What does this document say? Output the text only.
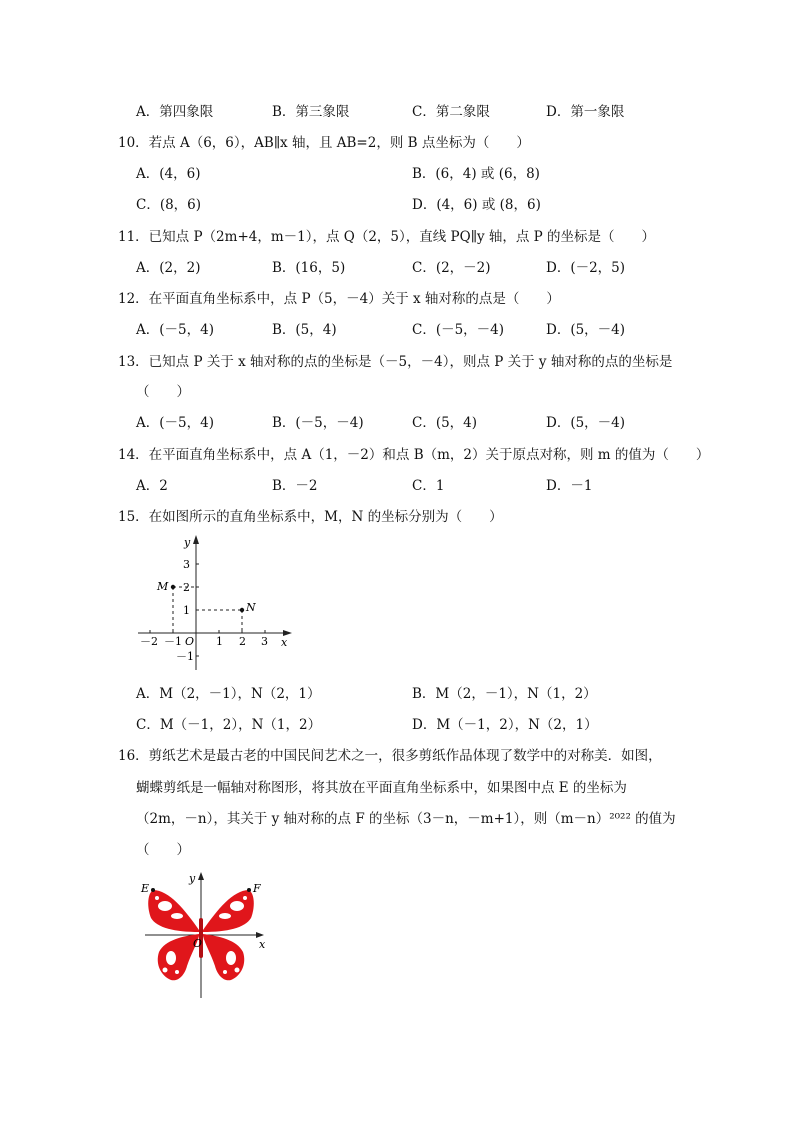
A．第四象限	B．第三象限	C．第二象限	D．第一象限
10．若点 A（6，6），AB∥x 轴，且 AB=2，则 B 点坐标为（　　）
A．(4，6)	B．(6，4) 或 (6，8)
C．(8，6)	D．(4，6) 或 (8，6)
11．已知点 P（2m+4，m－1），点 Q（2，5），直线 PQ∥y 轴，点 P 的坐标是（　　）
A．(2，2)	B．(16，5)	C．(2，－2)	D．(－2，5)
12．在平面直角坐标系中，点 P（5，－4）关于 x 轴对称的点是（　　）
A．(－5，4)	B．(5，4)	C．(－5，－4)	D．(5，－4)
13．已知点 P 关于 x 轴对称的点的坐标是（－5，－4），则点 P 关于 y 轴对称的点的坐标是
（　　）
A．(－5，4)	B．(－5，－4)	C．(5，4)	D．(5，－4)
14．在平面直角坐标系中，点 A（1，－2）和点 B（m，2）关于原点对称，则 m 的值为（　　）
A．2	B．－2	C．1	D．－1
15．在如图所示的直角坐标系中，M，N 的坐标分别为（　　）
M
N
x
y
O
－2 －1	1 2 3
3
2
1
－1
A．M（2，－1），N（2，1）	B．M（2，－1），N（1，2）
C．M（－1，2），N（1，2）	D．M（－1，2），N（2，1）
16．剪纸艺术是最古老的中国民间艺术之一，很多剪纸作品体现了数学中的对称美．如图，
蝴蝶剪纸是一幅轴对称图形，将其放在平面直角坐标系中，如果图中点 E 的坐标为
（2m，－n），其关于 y 轴对称的点 F 的坐标（3－n，－m+1），则（m－n）²⁰²² 的值为
（　　）
E	F
x
y
O
